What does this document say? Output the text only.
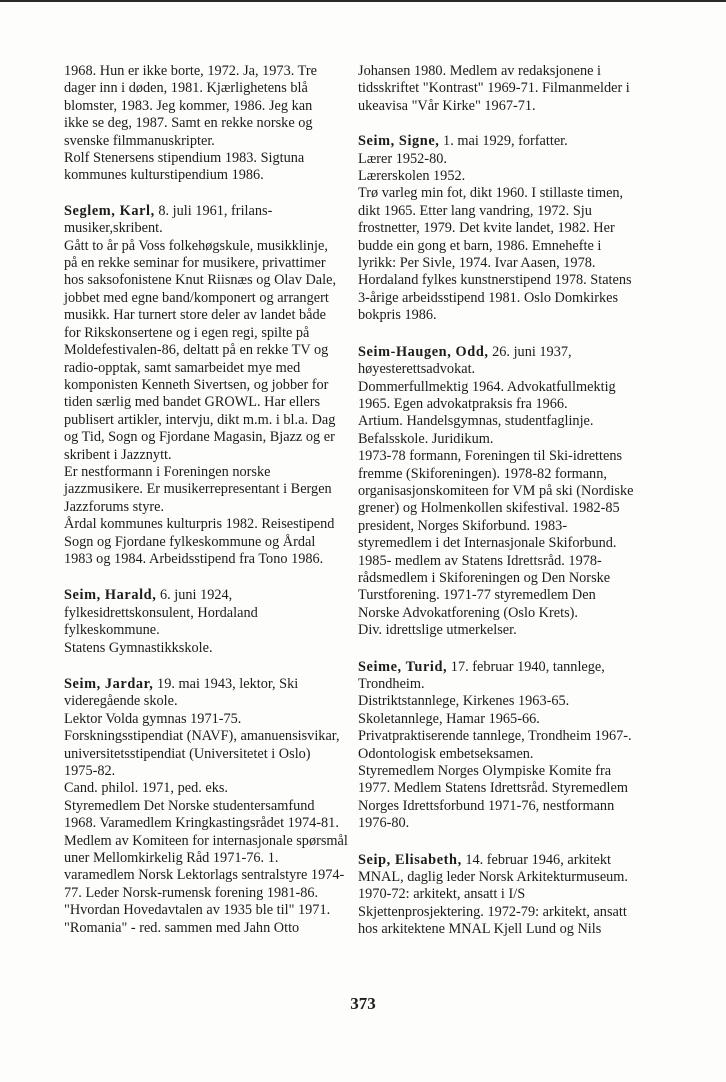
1968. Hun er ikke borte, 1972. Ja, 1973. Tre
dager inn i døden, 1981. Kjærlighetens blå
blomster, 1983. Jeg kommer, 1986. Jeg kan
ikke se deg, 1987. Samt en rekke norske og
svenske filmmanuskripter.
Rolf Stenersens stipendium 1983. Sigtuna
kommunes kulturstipendium 1986.
Seglem, Karl, 8. juli 1961, frilans-
musiker,skribent.
Gått to år på Voss folkehøgskule, musikklinje,
på en rekke seminar for musikere, privattimer
hos saksofonistene Knut Riisnæs og Olav Dale,
jobbet med egne band/komponert og arrangert
musikk. Har turnert store deler av landet både
for Rikskonsertene og i egen regi, spilte på
Moldefestivalen-86, deltatt på en rekke TV og
radio-opptak, samt samarbeidet mye med
komponisten Kenneth Sivertsen, og jobber for
tiden særlig med bandet GROWL. Har ellers
publisert artikler, intervju, dikt m.m. i bl.a. Dag
og Tid, Sogn og Fjordane Magasin, Bjazz og er
skribent i Jazznytt.
Er nestformann i Foreningen norske
jazzmusikere. Er musikerrepresentant i Bergen
Jazzforums styre.
Årdal kommunes kulturpris 1982. Reisestipend
Sogn og Fjordane fylkeskommune og Årdal
1983 og 1984. Arbeidsstipend fra Tono 1986.
Seim, Harald, 6. juni 1924,
fylkesidrettskonsulent, Hordaland
fylkeskommune.
Statens Gymnastikkskole.
Seim, Jardar, 19. mai 1943, lektor, Ski
videregående skole.
Lektor Volda gymnas 1971-75.
Forskningsstipendiat (NAVF), amanuensisvikar,
universitetsstipendiat (Universitetet i Oslo)
1975-82.
Cand. philol. 1971, ped. eks.
Styremedlem Det Norske studentersamfund
1968. Varamedlem Kringkastingsrådet 1974-81.
Medlem av Komiteen for internasjonale spørsmål
uner Mellomkirkelig Råd 1971-76. 1.
varamedlem Norsk Lektorlags sentralstyre 1974-
77. Leder Norsk-rumensk forening 1981-86.
"Hvordan Hovedavtalen av 1935 ble til" 1971.
"Romania" - red. sammen med Jahn Otto
Johansen 1980. Medlem av redaksjonene i
tidsskriftet "Kontrast" 1969-71. Filmanmelder i
ukeavisa "Vår Kirke" 1967-71.
Seim, Signe, 1. mai 1929, forfatter.
Lærer 1952-80.
Lærerskolen 1952.
Trø varleg min fot, dikt 1960. I stillaste timen,
dikt 1965. Etter lang vandring, 1972. Sju
frostnetter, 1979. Det kvite landet, 1982. Her
budde ein gong et barn, 1986. Emnehefte i
lyrikk: Per Sivle, 1974. Ivar Aasen, 1978.
Hordaland fylkes kunstnerstipend 1978. Statens
3-årige arbeidsstipend 1981. Oslo Domkirkes
bokpris 1986.
Seim-Haugen, Odd, 26. juni 1937,
høyesterettsadvokat.
Dommerfullmektig 1964. Advokatfullmektig
1965. Egen advokatpraksis fra 1966.
Artium. Handelsgymnas, studentfaglinje.
Befalsskole. Juridikum.
1973-78 formann, Foreningen til Ski-idrettens
fremme (Skiforeningen). 1978-82 formann,
organisasjonskomiteen for VM på ski (Nordiske
grener) og Holmenkollen skifestival. 1982-85
president, Norges Skiforbund. 1983-
styremedlem i det Internasjonale Skiforbund.
1985- medlem av Statens Idrettsråd. 1978-
rådsmedlem i Skiforeningen og Den Norske
Turstforening. 1971-77 styremedlem Den
Norske Advokatforening (Oslo Krets).
Div. idrettslige utmerkelser.
Seime, Turid, 17. februar 1940, tannlege,
Trondheim.
Distriktstannlege, Kirkenes 1963-65.
Skoletannlege, Hamar 1965-66.
Privatpraktiserende tannlege, Trondheim 1967-.
Odontologisk embetseksamen.
Styremedlem Norges Olympiske Komite fra
1977. Medlem Statens Idrettsråd. Styremedlem
Norges Idrettsforbund 1971-76, nestformann
1976-80.
Seip, Elisabeth, 14. februar 1946, arkitekt
MNAL, daglig leder Norsk Arkitekturmuseum.
1970-72: arkitekt, ansatt i I/S
Skjettenprosjektering. 1972-79: arkitekt, ansatt
hos arkitektene MNAL Kjell Lund og Nils
373
